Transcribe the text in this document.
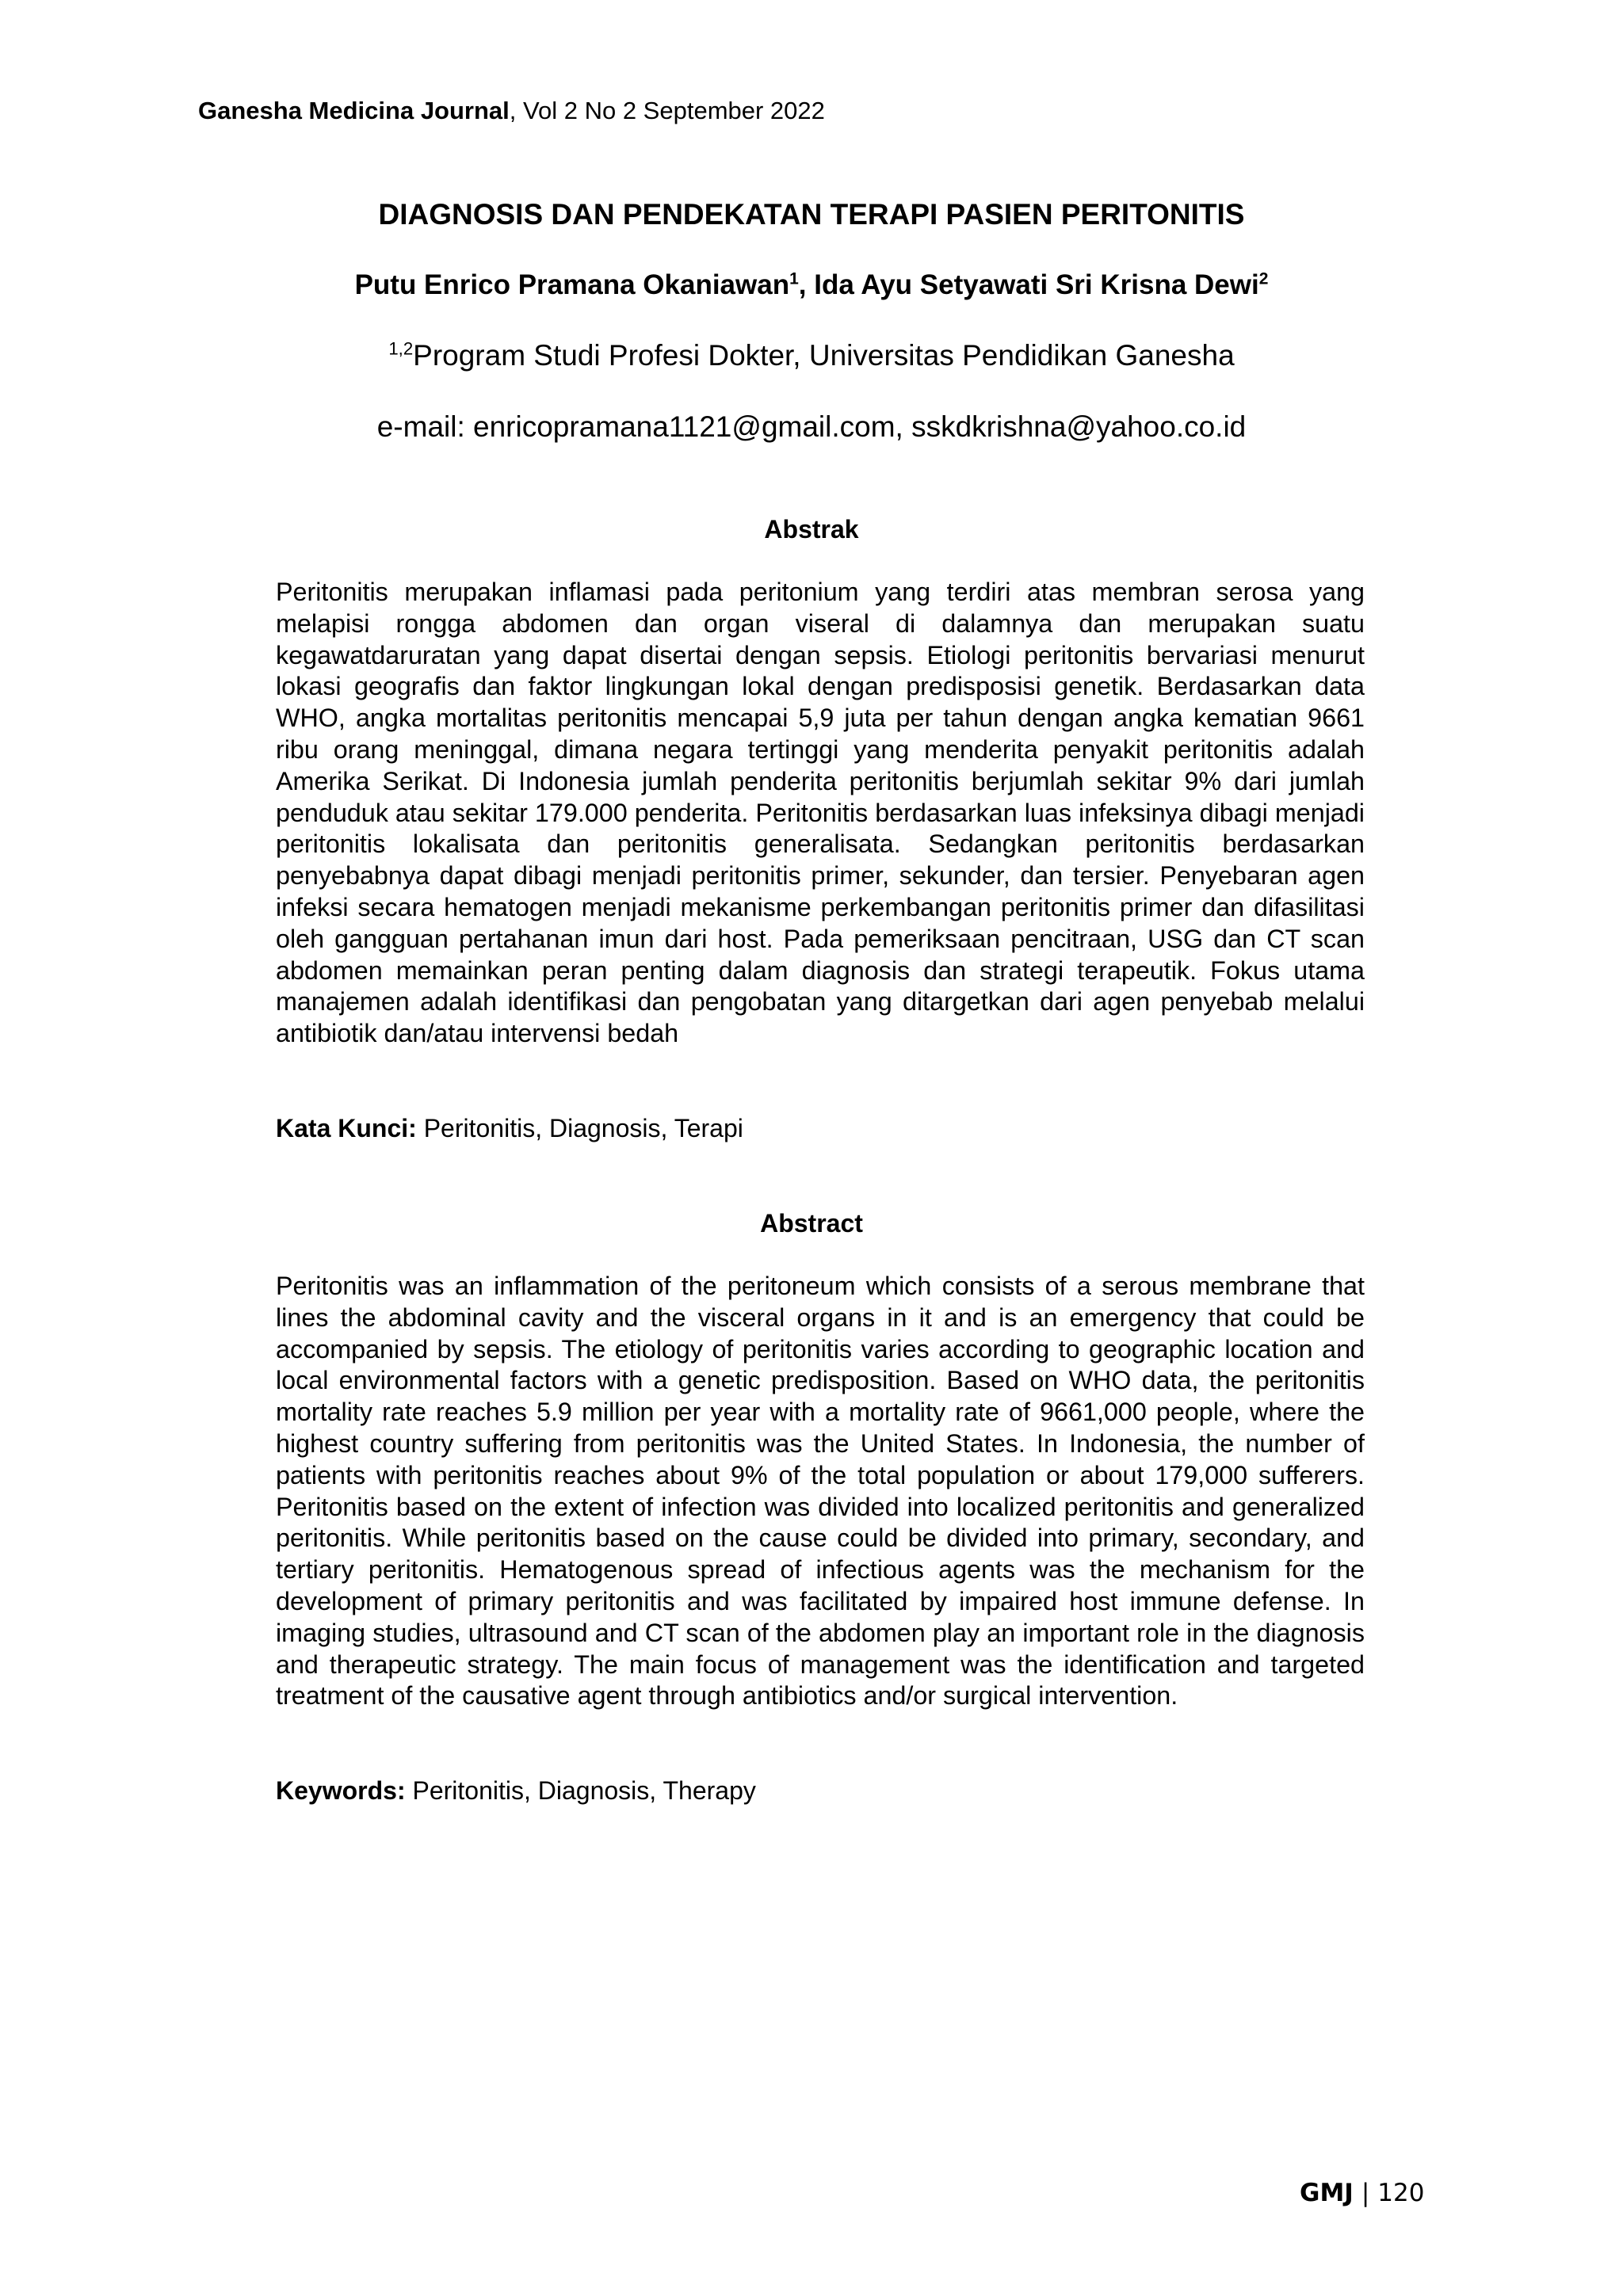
Ganesha Medicina Journal, Vol 2 No 2 September 2022
DIAGNOSIS DAN PENDEKATAN TERAPI PASIEN PERITONITIS
Putu Enrico Pramana Okaniawan$^1$, Ida Ayu Setyawati Sri Krisna Dewi$^2$
$^{1,2}$Program Studi Profesi Dokter, Universitas Pendidikan Ganesha
e-mail: enricopramana1121@gmail.com, sskdkrishna@yahoo.co.id
Abstrak
Peritonitis merupakan inflamasi pada peritonium yang terdiri atas membran serosa yang melapisi rongga abdomen dan organ viseral di dalamnya dan merupakan suatu kegawatdaruratan yang dapat disertai dengan sepsis. Etiologi peritonitis bervariasi menurut lokasi geografis dan faktor lingkungan lokal dengan predisposisi genetik. Berdasarkan data WHO, angka mortalitas peritonitis mencapai 5,9 juta per tahun dengan angka kematian 9661 ribu orang meninggal, dimana negara tertinggi yang menderita penyakit peritonitis adalah Amerika Serikat. Di Indonesia jumlah penderita peritonitis berjumlah sekitar 9% dari jumlah penduduk atau sekitar 179.000 penderita. Peritonitis berdasarkan luas infeksinya dibagi menjadi peritonitis lokalisata dan peritonitis generalisata. Sedangkan peritonitis berdasarkan penyebabnya dapat dibagi menjadi peritonitis primer, sekunder, dan tersier. Penyebaran agen infeksi secara hematogen menjadi mekanisme perkembangan peritonitis primer dan difasilitasi oleh gangguan pertahanan imun dari host. Pada pemeriksaan pencitraan, USG dan CT scan abdomen memainkan peran penting dalam diagnosis dan strategi terapeutik. Fokus utama manajemen adalah identifikasi dan pengobatan yang ditargetkan dari agen penyebab melalui antibiotik dan/atau intervensi bedah
Kata Kunci: Peritonitis, Diagnosis, Terapi
Abstract
Peritonitis was an inflammation of the peritoneum which consists of a serous membrane that lines the abdominal cavity and the visceral organs in it and is an emergency that could be accompanied by sepsis. The etiology of peritonitis varies according to geographic location and local environmental factors with a genetic predisposition. Based on WHO data, the peritonitis mortality rate reaches 5.9 million per year with a mortality rate of 9661,000 people, where the highest country suffering from peritonitis was the United States. In Indonesia, the number of patients with peritonitis reaches about 9% of the total population or about 179,000 sufferers. Peritonitis based on the extent of infection was divided into localized peritonitis and generalized peritonitis. While peritonitis based on the cause could be divided into primary, secondary, and tertiary peritonitis. Hematogenous spread of infectious agents was the mechanism for the development of primary peritonitis and was facilitated by impaired host immune defense. In imaging studies, ultrasound and CT scan of the abdomen play an important role in the diagnosis and therapeutic strategy. The main focus of management was the identification and targeted treatment of the causative agent through antibiotics and/or surgical intervention.
Keywords: Peritonitis, Diagnosis, Therapy
GMJ | 120
